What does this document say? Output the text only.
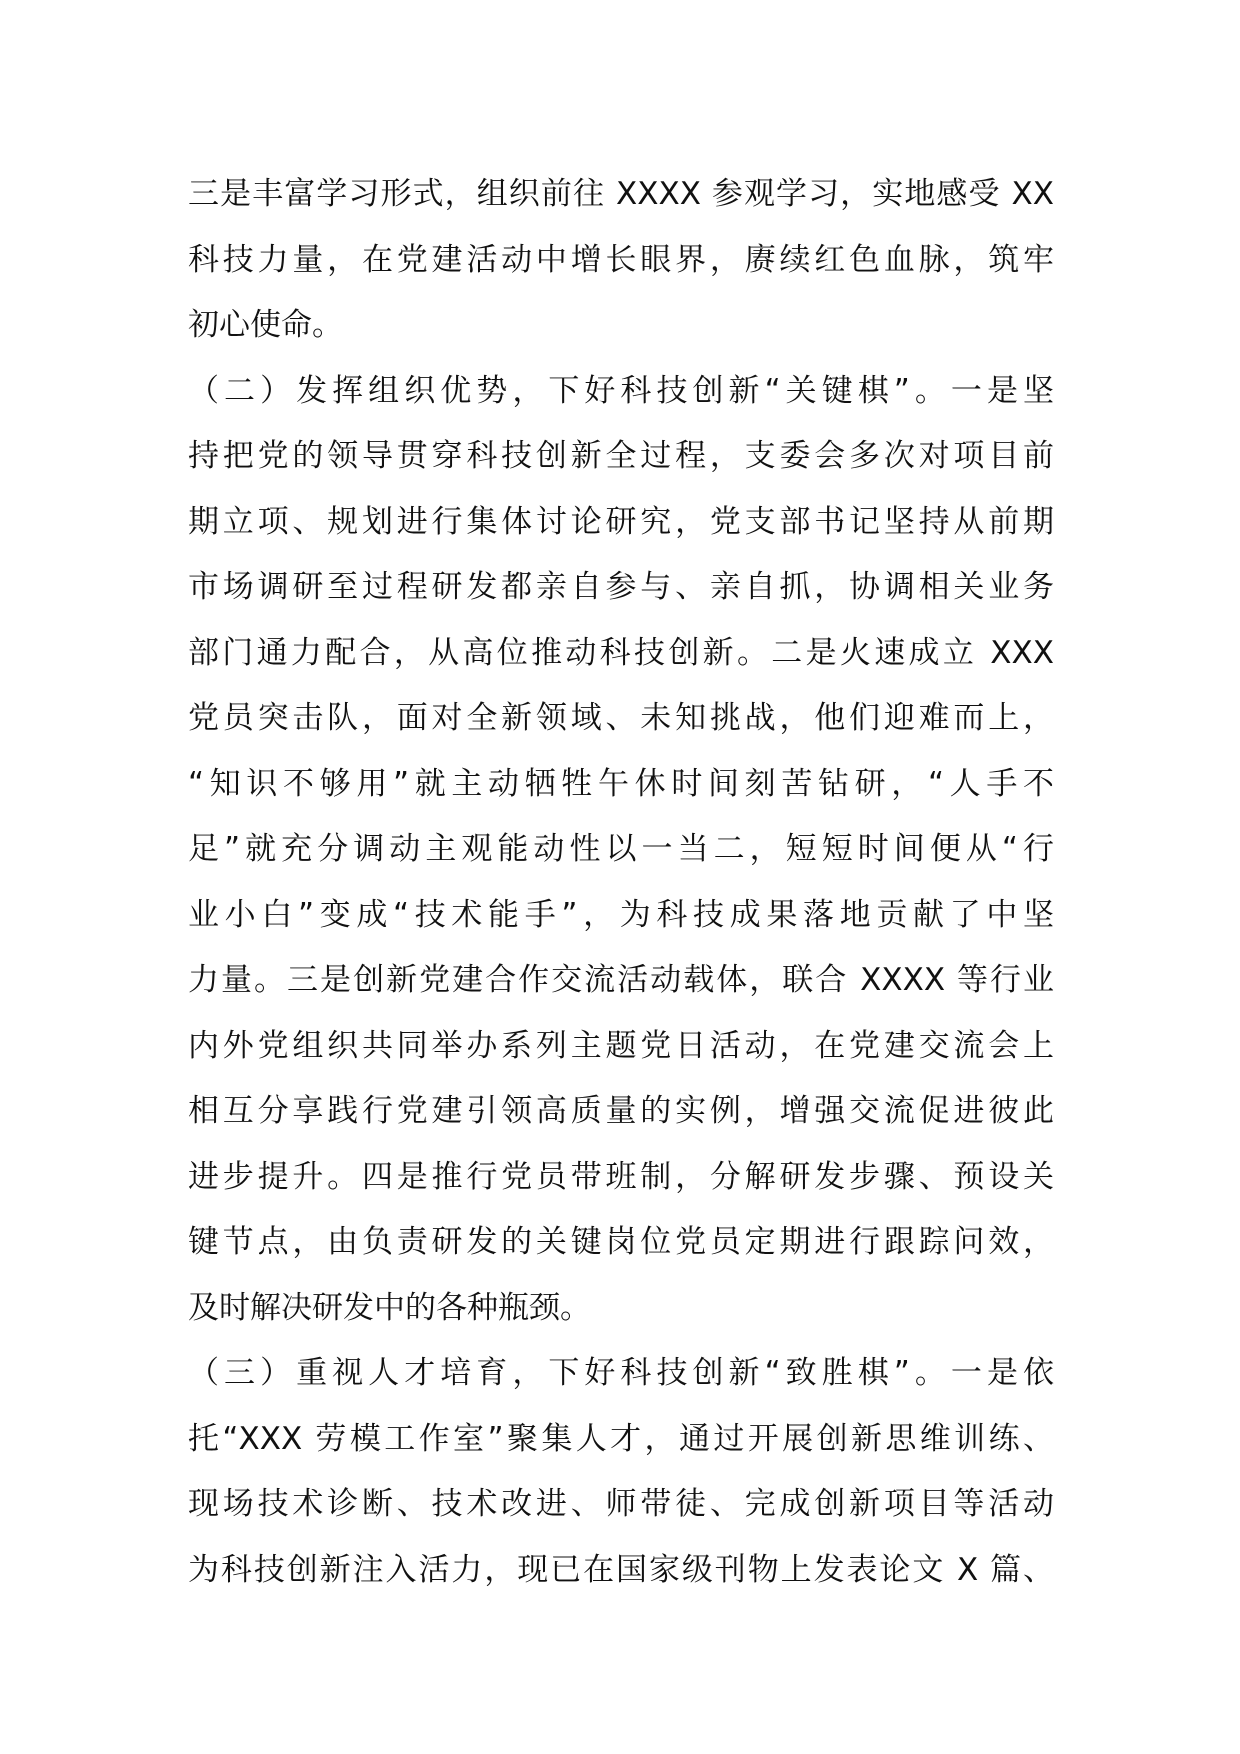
三是丰富学习形式，组织前往 XXXX 参观学习，实地感受 XX
科技力量，在党建活动中增长眼界，赓续红色血脉，筑牢
初心使命。
（二）发挥组织优势，下好科技创新“关键棋”。一是坚
持把党的领导贯穿科技创新全过程，支委会多次对项目前
期立项、规划进行集体讨论研究，党支部书记坚持从前期
市场调研至过程研发都亲自参与、亲自抓，协调相关业务
部门通力配合，从高位推动科技创新。二是火速成立 XXX
党员突击队，面对全新领域、未知挑战，他们迎难而上，
“知识不够用”就主动牺牲午休时间刻苦钻研，“人手不
足”就充分调动主观能动性以一当二，短短时间便从“行
业小白”变成“技术能手”，为科技成果落地贡献了中坚
力量。三是创新党建合作交流活动载体，联合 XXXX 等行业
内外党组织共同举办系列主题党日活动，在党建交流会上
相互分享践行党建引领高质量的实例，增强交流促进彼此
进步提升。四是推行党员带班制，分解研发步骤、预设关
键节点，由负责研发的关键岗位党员定期进行跟踪问效，
及时解决研发中的各种瓶颈。
（三）重视人才培育，下好科技创新“致胜棋”。一是依
托“XXX 劳模工作室”聚集人才，通过开展创新思维训练、
现场技术诊断、技术改进、师带徒、完成创新项目等活动
为科技创新注入活力，现已在国家级刊物上发表论文 X 篇、
